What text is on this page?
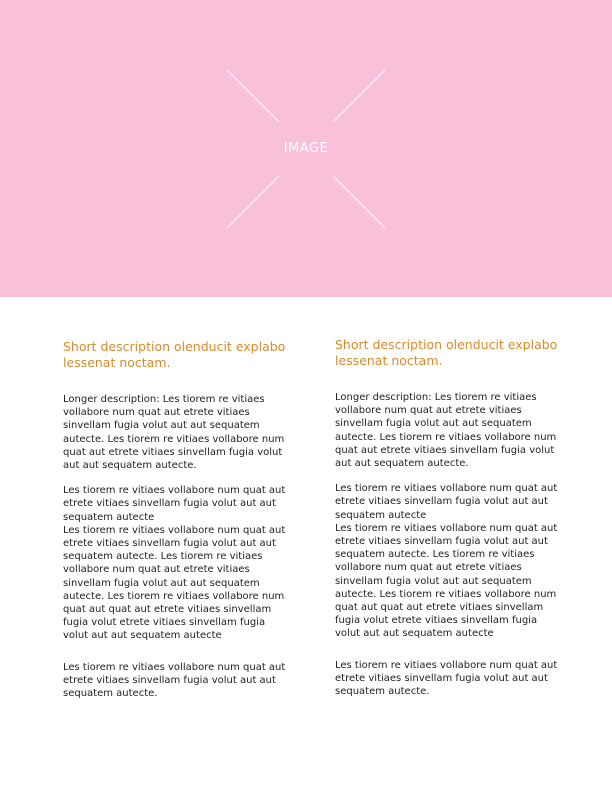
IMAGE

Short description olenducit explabo lessenat noctam.

Longer description: Les tiorem re vitiaes vollabore num quat aut etrete vitiaes sinvellam fugia volut aut aut sequatem autecte. Les tiorem re vitiaes vollabore num quat aut etrete vitiaes sinvellam fugia volut aut aut sequatem autecte.

Les tiorem re vitiaes vollabore num quat aut etrete vitiaes sinvellam fugia volut aut aut sequatem autecte

Les tiorem re vitiaes vollabore num quat aut etrete vitiaes sinvellam fugia volut aut aut sequatem autecte. Les tiorem re vitiaes vollabore num quat aut etrete vitiaes sinvellam fugia volut aut aut sequatem autecte. Les tiorem re vitiaes vollabore num quat aut quat aut etrete vitiaes sinvellam fugia volut etrete vitiaes sinvellam fugia volut aut aut sequatem autecte

Les tiorem re vitiaes vollabore num quat aut etrete vitiaes sinvellam fugia volut aut aut sequatem autecte.

Short description olenducit explabo lessenat noctam.

Longer description: Les tiorem re vitiaes vollabore num quat aut etrete vitiaes sinvellam fugia volut aut aut sequatem autecte. Les tiorem re vitiaes vollabore num quat aut etrete vitiaes sinvellam fugia volut aut aut sequatem autecte.

Les tiorem re vitiaes vollabore num quat aut etrete vitiaes sinvellam fugia volut aut aut sequatem autecte

Les tiorem re vitiaes vollabore num quat aut etrete vitiaes sinvellam fugia volut aut aut sequatem autecte. Les tiorem re vitiaes vollabore num quat aut etrete vitiaes sinvellam fugia volut aut aut sequatem autecte. Les tiorem re vitiaes vollabore num quat aut quat aut etrete vitiaes sinvellam fugia volut etrete vitiaes sinvellam fugia volut aut aut sequatem autecte

Les tiorem re vitiaes vollabore num quat aut etrete vitiaes sinvellam fugia volut aut aut sequatem autecte.
